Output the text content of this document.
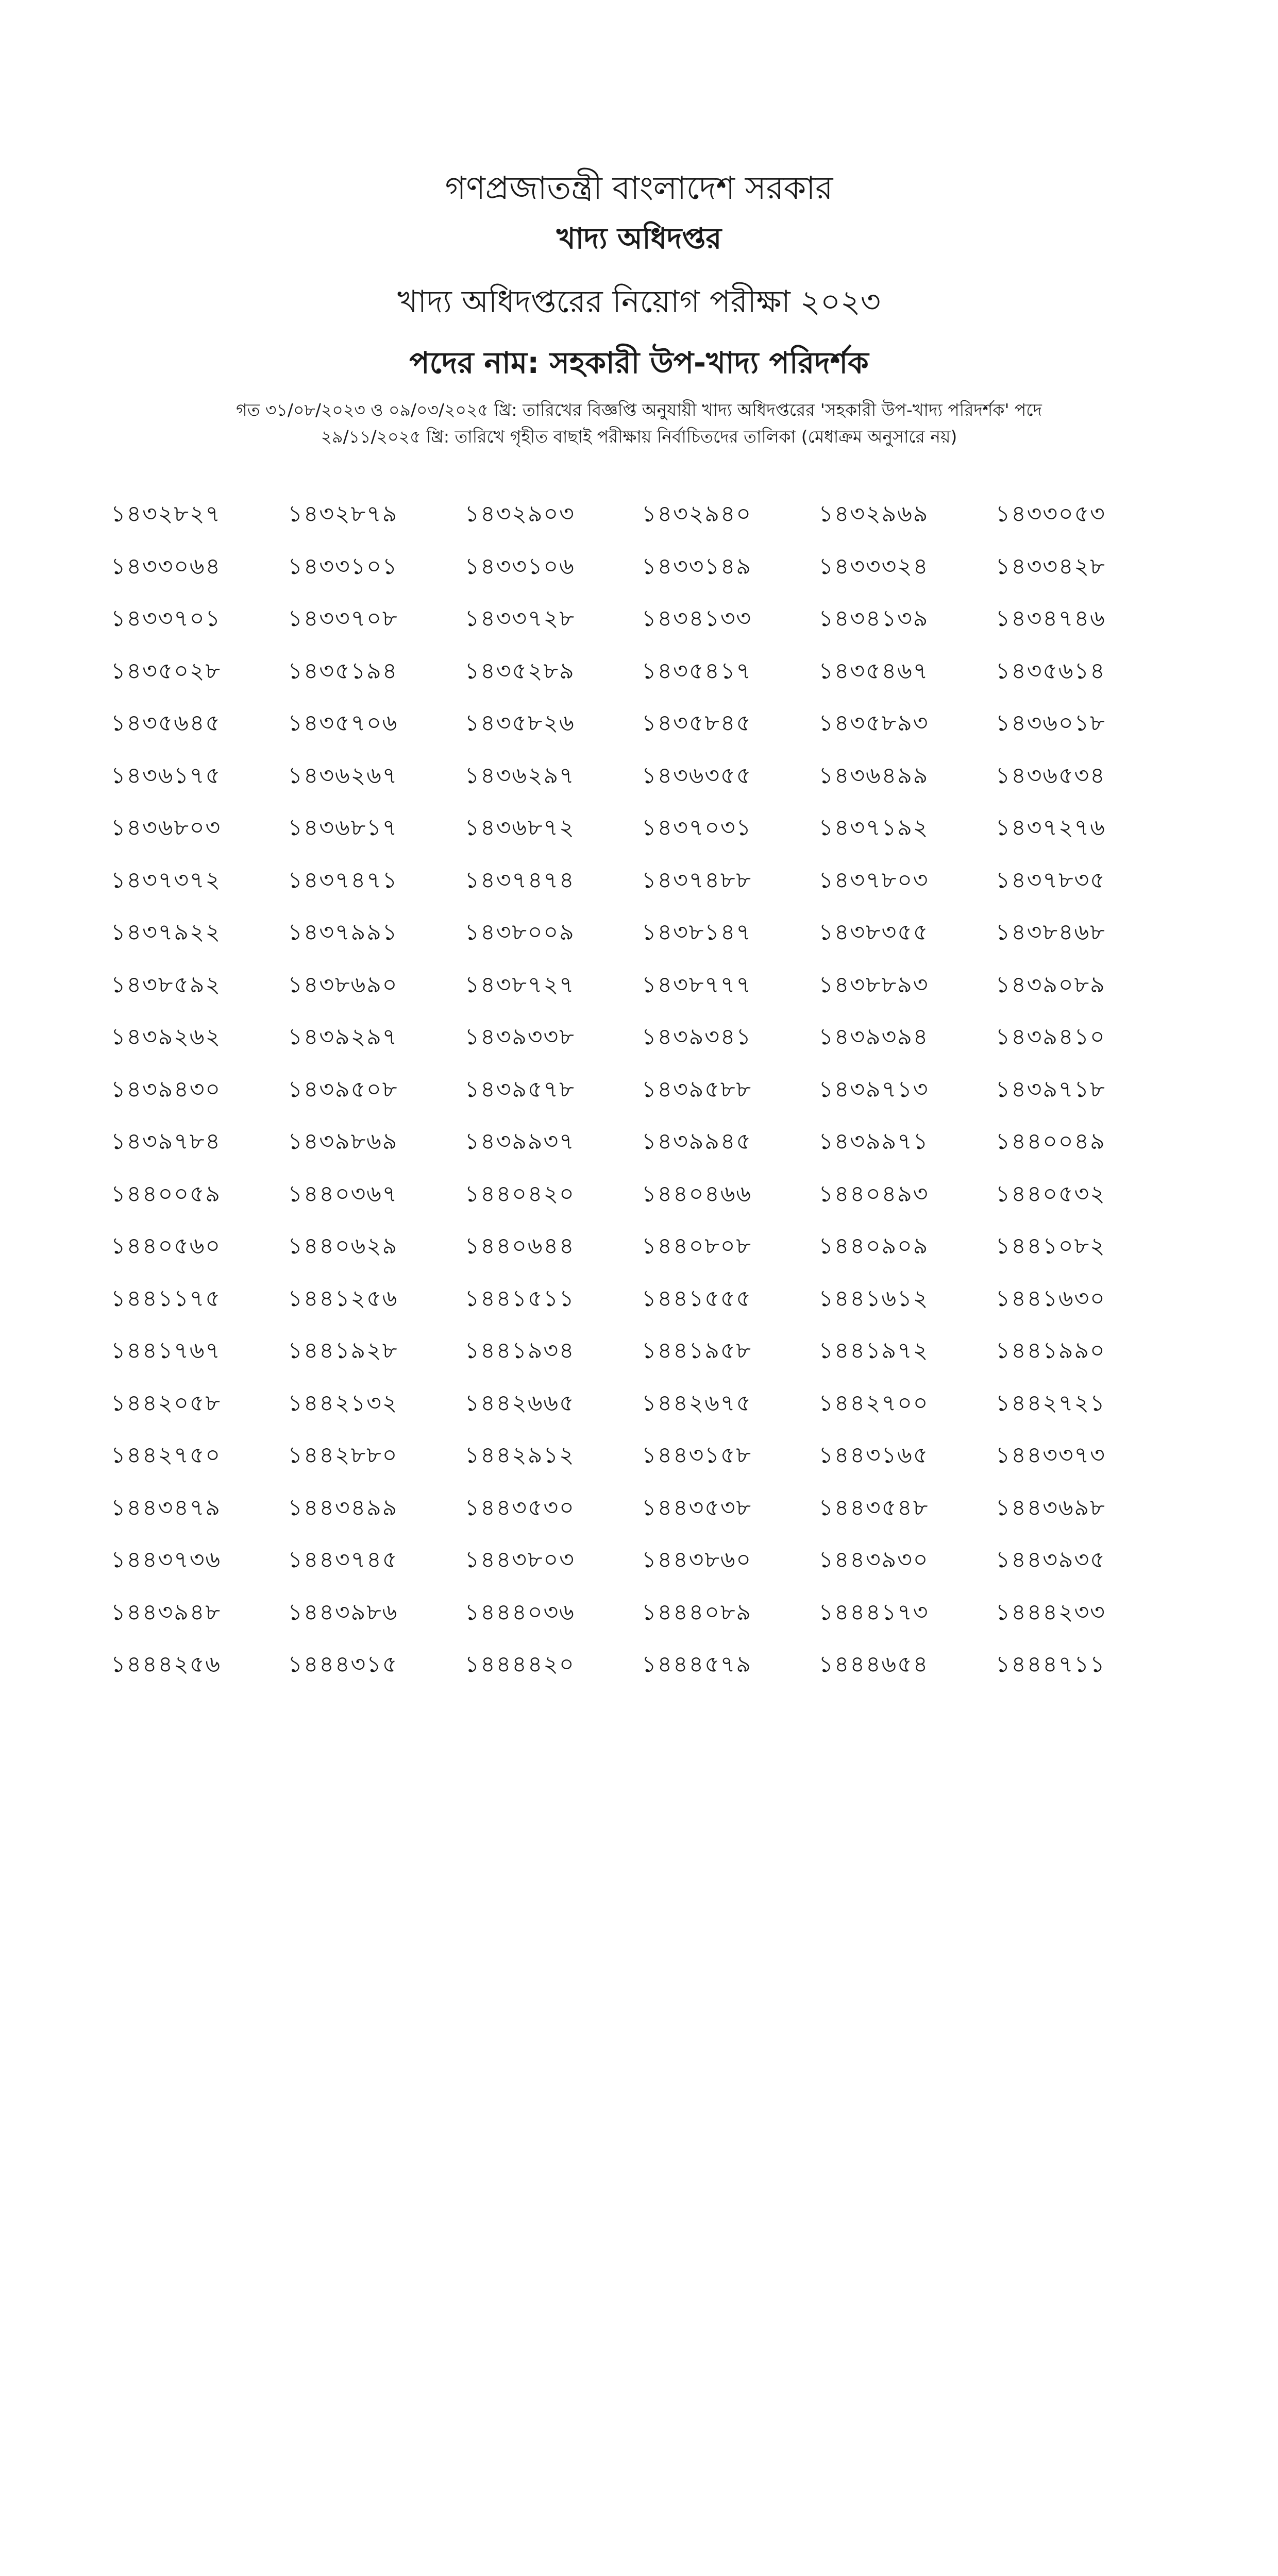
গণপ্রজাতন্ত্রী বাংলাদেশ সরকার
খাদ্য অধিদপ্তর
খাদ্য অধিদপ্তরের নিয়োগ পরীক্ষা ২০২৩
পদের নাম: সহকারী উপ-খাদ্য পরিদর্শক
গত ৩১/০৮/২০২৩ ও ০৯/০৩/২০২৫ খ্রি: তারিখের বিজ্ঞপ্তি অনুযায়ী খাদ্য অধিদপ্তরের 'সহকারী উপ-খাদ্য পরিদর্শক' পদে
২৯/১১/২০২৫ খ্রি: তারিখে গৃহীত বাছাই পরীক্ষায় নির্বাচিতদের তালিকা (মেধাক্রম অনুসারে নয়)
১৪৩২৮২৭	১৪৩২৮৭৯	১৪৩২৯০৩	১৪৩২৯৪০	১৪৩২৯৬৯	১৪৩৩০৫৩
১৪৩৩০৬৪	১৪৩৩১০১	১৪৩৩১০৬	১৪৩৩১৪৯	১৪৩৩৩২৪	১৪৩৩৪২৮
১৪৩৩৭০১	১৪৩৩৭০৮	১৪৩৩৭২৮	১৪৩৪১৩৩	১৪৩৪১৩৯	১৪৩৪৭৪৬
১৪৩৫০২৮	১৪৩৫১৯৪	১৪৩৫২৮৯	১৪৩৫৪১৭	১৪৩৫৪৬৭	১৪৩৫৬১৪
১৪৩৫৬৪৫	১৪৩৫৭০৬	১৪৩৫৮২৬	১৪৩৫৮৪৫	১৪৩৫৮৯৩	১৪৩৬০১৮
১৪৩৬১৭৫	১৪৩৬২৬৭	১৪৩৬২৯৭	১৪৩৬৩৫৫	১৪৩৬৪৯৯	১৪৩৬৫৩৪
১৪৩৬৮০৩	১৪৩৬৮১৭	১৪৩৬৮৭২	১৪৩৭০৩১	১৪৩৭১৯২	১৪৩৭২৭৬
১৪৩৭৩৭২	১৪৩৭৪৭১	১৪৩৭৪৭৪	১৪৩৭৪৮৮	১৪৩৭৮০৩	১৪৩৭৮৩৫
১৪৩৭৯২২	১৪৩৭৯৯১	১৪৩৮০০৯	১৪৩৮১৪৭	১৪৩৮৩৫৫	১৪৩৮৪৬৮
১৪৩৮৫৯২	১৪৩৮৬৯০	১৪৩৮৭২৭	১৪৩৮৭৭৭	১৪৩৮৮৯৩	১৪৩৯০৮৯
১৪৩৯২৬২	১৪৩৯২৯৭	১৪৩৯৩৩৮	১৪৩৯৩৪১	১৪৩৯৩৯৪	১৪৩৯৪১০
১৪৩৯৪৩০	১৪৩৯৫০৮	১৪৩৯৫৭৮	১৪৩৯৫৮৮	১৪৩৯৭১৩	১৪৩৯৭১৮
১৪৩৯৭৮৪	১৪৩৯৮৬৯	১৪৩৯৯৩৭	১৪৩৯৯৪৫	১৪৩৯৯৭১	১৪৪০০৪৯
১৪৪০০৫৯	১৪৪০৩৬৭	১৪৪০৪২০	১৪৪০৪৬৬	১৪৪০৪৯৩	১৪৪০৫৩২
১৪৪০৫৬০	১৪৪০৬২৯	১৪৪০৬৪৪	১৪৪০৮০৮	১৪৪০৯০৯	১৪৪১০৮২
১৪৪১১৭৫	১৪৪১২৫৬	১৪৪১৫১১	১৪৪১৫৫৫	১৪৪১৬১২	১৪৪১৬৩০
১৪৪১৭৬৭	১৪৪১৯২৮	১৪৪১৯৩৪	১৪৪১৯৫৮	১৪৪১৯৭২	১৪৪১৯৯০
১৪৪২০৫৮	১৪৪২১৩২	১৪৪২৬৬৫	১৪৪২৬৭৫	১৪৪২৭০০	১৪৪২৭২১
১৪৪২৭৫০	১৪৪২৮৮০	১৪৪২৯১২	১৪৪৩১৫৮	১৪৪৩১৬৫	১৪৪৩৩৭৩
১৪৪৩৪৭৯	১৪৪৩৪৯৯	১৪৪৩৫৩০	১৪৪৩৫৩৮	১৪৪৩৫৪৮	১৪৪৩৬৯৮
১৪৪৩৭৩৬	১৪৪৩৭৪৫	১৪৪৩৮০৩	১৪৪৩৮৬০	১৪৪৩৯৩০	১৪৪৩৯৩৫
১৪৪৩৯৪৮	১৪৪৩৯৮৬	১৪৪৪০৩৬	১৪৪৪০৮৯	১৪৪৪১৭৩	১৪৪৪২৩৩
১৪৪৪২৫৬	১৪৪৪৩১৫	১৪৪৪৪২০	১৪৪৪৫৭৯	১৪৪৪৬৫৪	১৪৪৪৭১১
